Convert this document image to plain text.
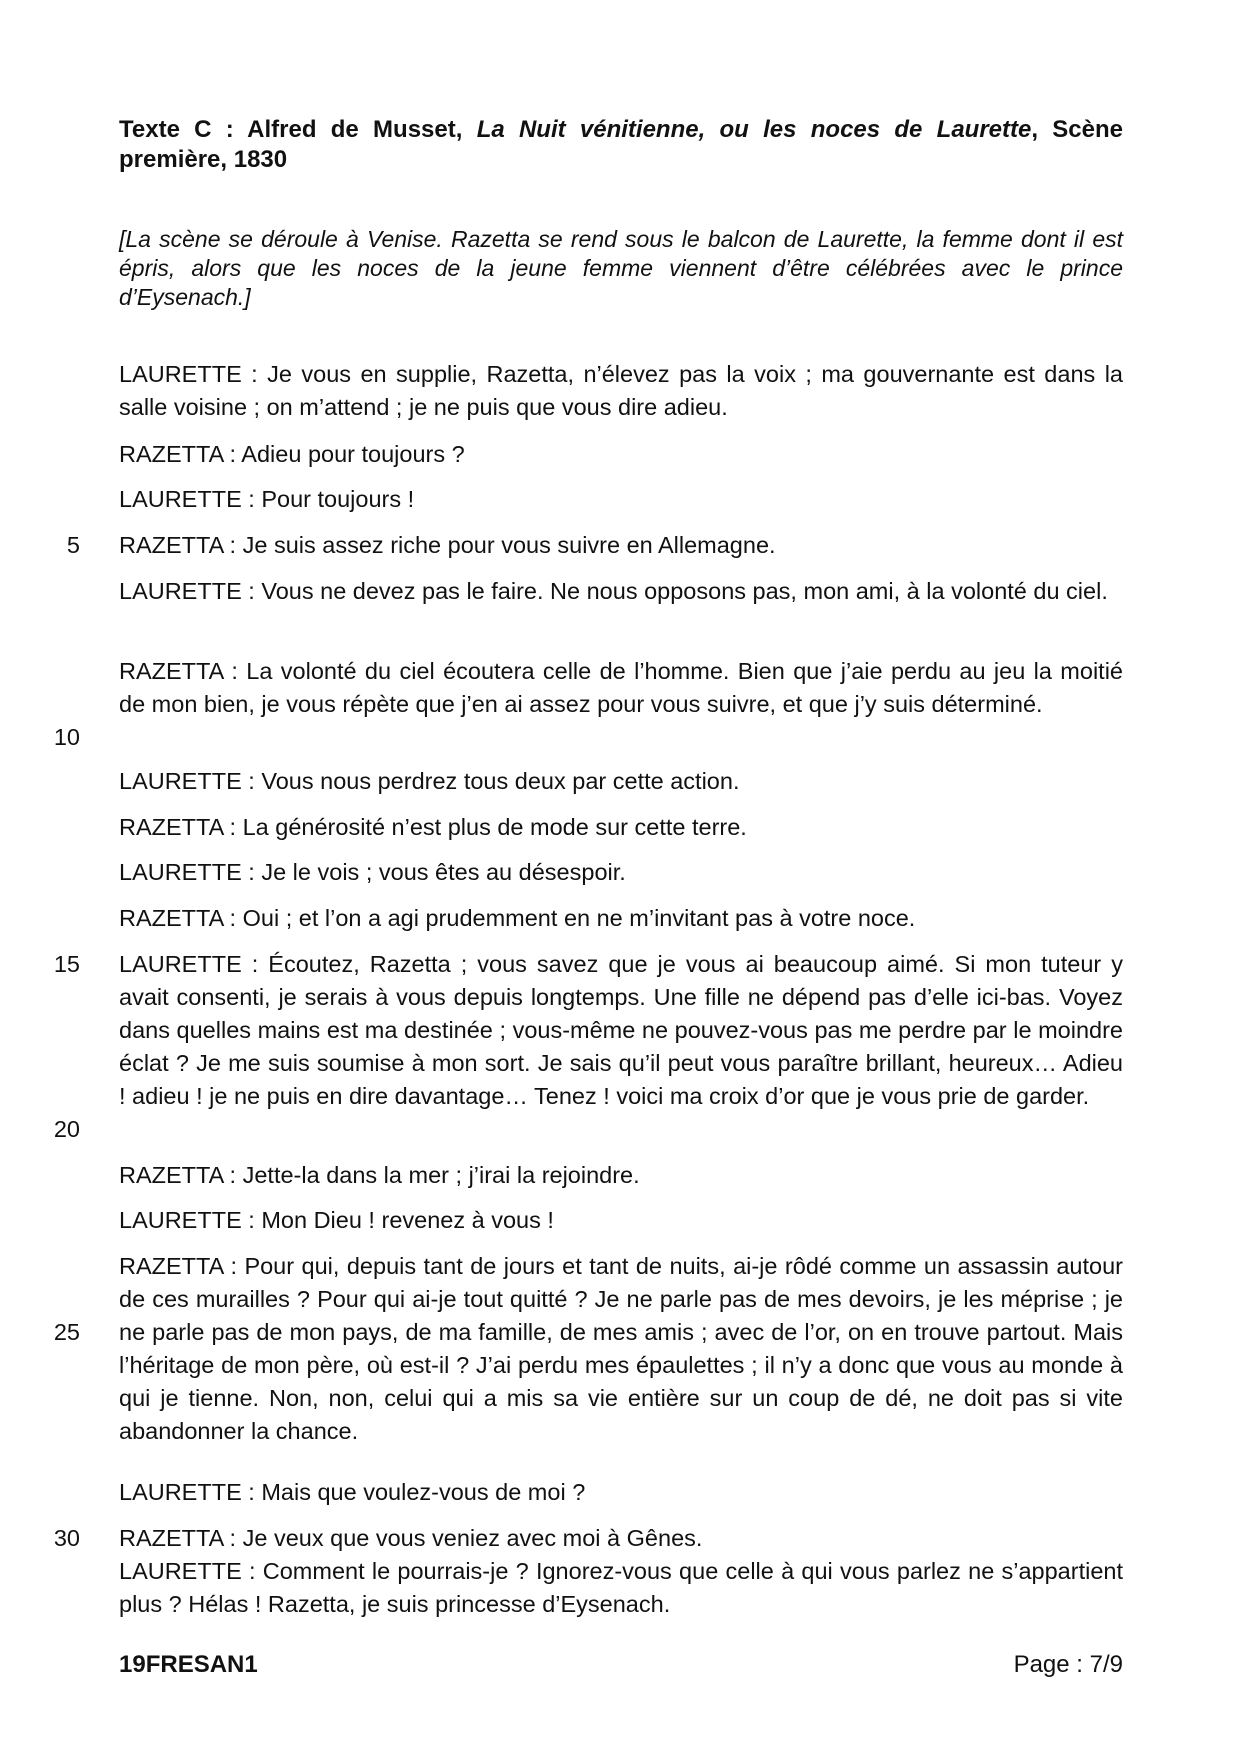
Texte C : Alfred de Musset, La Nuit vénitienne, ou les noces de Laurette, Scène première, 1830
[La scène se déroule à Venise. Razetta se rend sous le balcon de Laurette, la femme dont il est épris, alors que les noces de la jeune femme viennent d’être célébrées avec le prince d’Eysenach.]

LAURETTE : Je vous en supplie, Razetta, n’élevez pas la voix ; ma gouvernante est dans la salle voisine ; on m’attend ; je ne puis que vous dire adieu.

RAZETTA : Adieu pour toujours ?

LAURETTE : Pour toujours !

RAZETTA : Je suis assez riche pour vous suivre en Allemagne.

LAURETTE : Vous ne devez pas le faire. Ne nous opposons pas, mon ami, à la volonté du ciel.

RAZETTA : La volonté du ciel écoutera celle de l’homme. Bien que j’aie perdu au jeu la moitié de mon bien, je vous répète que j’en ai assez pour vous suivre, et que j’y suis déterminé.

LAURETTE : Vous nous perdrez tous deux par cette action.

RAZETTA : La générosité n’est plus de mode sur cette terre.

LAURETTE : Je le vois ; vous êtes au désespoir.

RAZETTA : Oui ; et l’on a agi prudemment en ne m’invitant pas à votre noce.

LAURETTE : Écoutez, Razetta ; vous savez que je vous ai beaucoup aimé. Si mon tuteur y avait consenti, je serais à vous depuis longtemps. Une fille ne dépend pas d’elle ici-bas. Voyez dans quelles mains est ma destinée ; vous-même ne pouvez-vous pas me perdre par le moindre éclat ? Je me suis soumise à mon sort. Je sais qu’il peut vous paraître brillant, heureux… Adieu ! adieu ! je ne puis en dire davantage… Tenez ! voici ma croix d’or que je vous prie de garder.

RAZETTA : Jette-la dans la mer ; j’irai la rejoindre.

LAURETTE : Mon Dieu ! revenez à vous !

RAZETTA : Pour qui, depuis tant de jours et tant de nuits, ai-je rôdé comme un assassin autour de ces murailles ? Pour qui ai-je tout quitté ? Je ne parle pas de mes devoirs, je les méprise ; je ne parle pas de mon pays, de ma famille, de mes amis ; avec de l’or, on en trouve partout. Mais l’héritage de mon père, où est-il ? J’ai perdu mes épaulettes ; il n’y a donc que vous au monde à qui je tienne. Non, non, celui qui a mis sa vie entière sur un coup de dé, ne doit pas si vite abandonner la chance.

LAURETTE : Mais que voulez-vous de moi ?

RAZETTA : Je veux que vous veniez avec moi à Gênes.

LAURETTE : Comment le pourrais-je ? Ignorez-vous que celle à qui vous parlez ne s’appartient plus ? Hélas ! Razetta, je suis princesse d’Eysenach.

5
10
15
20
25
30
19FRESAN1	Page : 7/9
